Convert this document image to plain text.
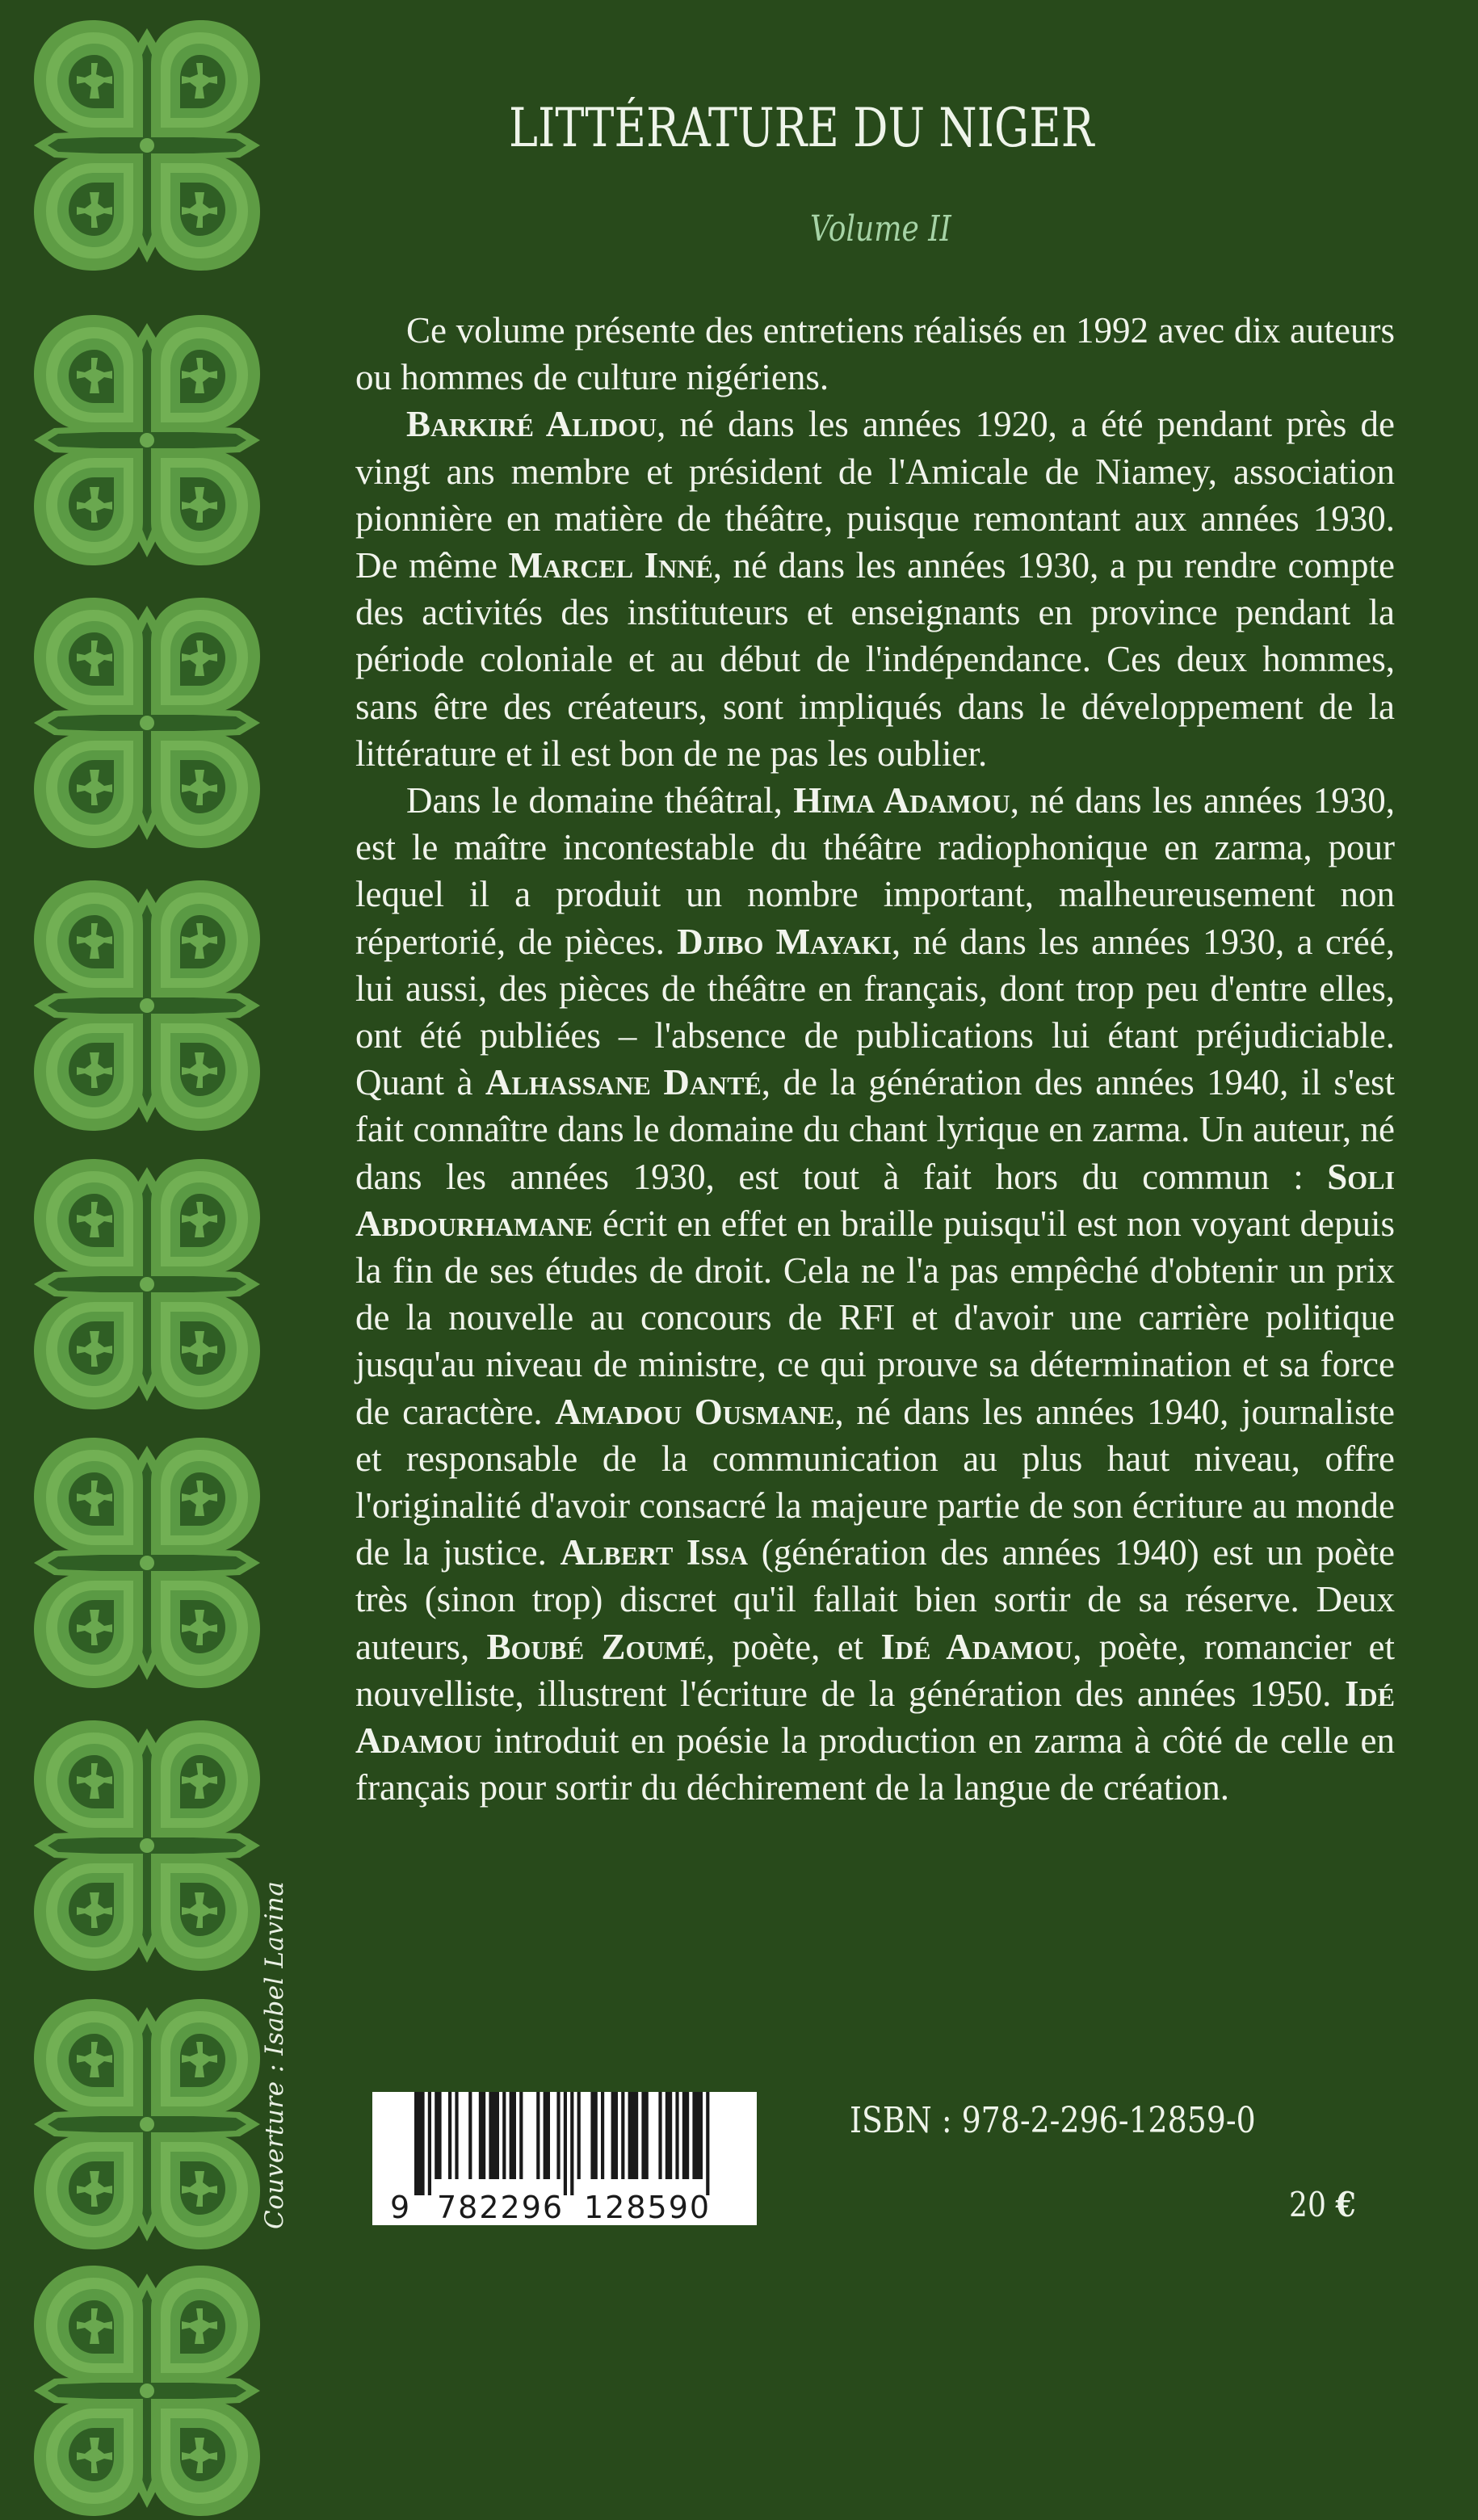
Couverture : Isabel Lavina
LITTÉRATURE DU NIGER
Volume II

Ce volume présente des entretiens réalisés en 1992 avec dix auteurs ou hommes de culture nigériens.

Barkiré Alidou, né dans les années 1920, a été pendant près de vingt ans membre et président de l'Amicale de Niamey, association pionnière en matière de théâtre, puisque remontant aux années 1930. De même Marcel Inné, né dans les années 1930, a pu rendre compte des activités des instituteurs et enseignants en province pendant la période coloniale et au début de l'indépendance. Ces deux hommes, sans être des créateurs, sont impliqués dans le développement de la littérature et il est bon de ne pas les oublier.

Dans le domaine théâtral, Hima Adamou, né dans les années 1930, est le maître incontestable du théâtre radiophonique en zarma, pour lequel il a produit un nombre important, malheureusement non répertorié, de pièces. Djibo Mayaki, né dans les années 1930, a créé, lui aussi, des pièces de théâtre en français, dont trop peu d'entre elles, ont été publiées – l'absence de publications lui étant préjudiciable. Quant à Alhassane Danté, de la génération des années 1940, il s'est fait connaître dans le domaine du chant lyrique en zarma. Un auteur, né dans les années 1930, est tout à fait hors du commun : Soli Abdourhamane écrit en effet en braille puisqu'il est non voyant depuis la fin de ses études de droit. Cela ne l'a pas empêché d'obtenir un prix de la nouvelle au concours de RFI et d'avoir une carrière politique jusqu'au niveau de ministre, ce qui prouve sa détermination et sa force de caractère. Amadou Ousmane, né dans les années 1940, journaliste et responsable de la communication au plus haut niveau, offre l'originalité d'avoir consacré la majeure partie de son écriture au monde de la justice. Albert Issa (génération des années 1940) est un poète très (sinon trop) discret qu'il fallait bien sortir de sa réserve. Deux auteurs, Boubé Zoumé, poète, et Idé Adamou, poète, romancier et nouvelliste, illustrent l'écriture de la génération des années 1950. Idé Adamou introduit en poésie la production en zarma à côté de celle en français pour sortir du déchirement de la langue de création.

9 782296 128590
ISBN : 978-2-296-12859-0
20 €
